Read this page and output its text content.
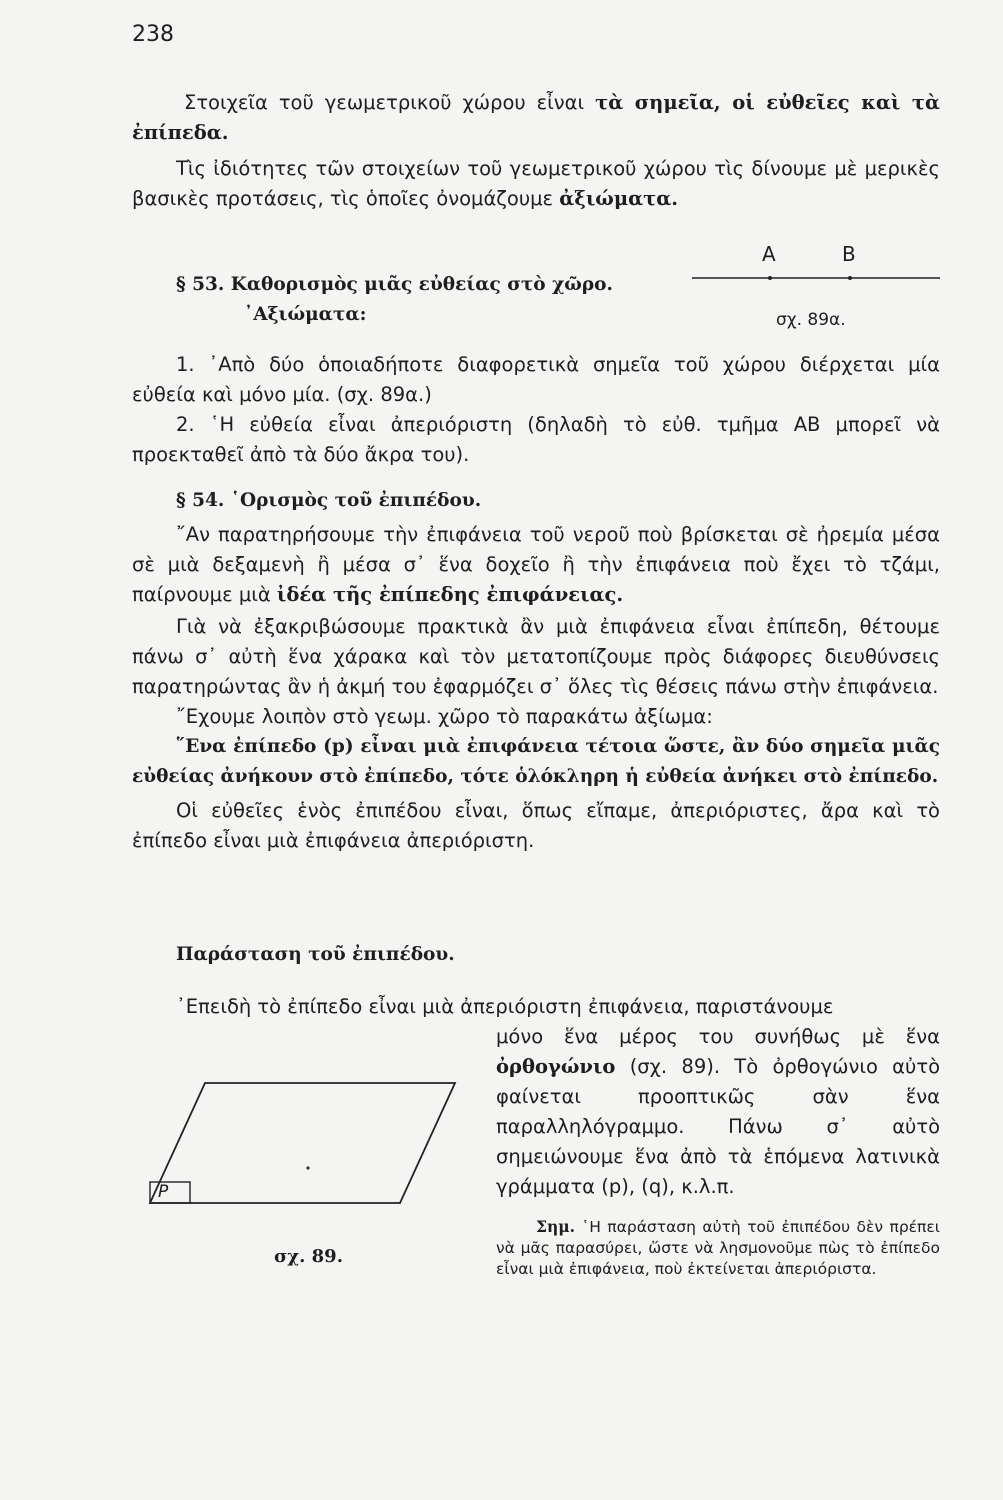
238

Στοιχεῖα τοῦ γεωμετρικοῦ χώρου εἶναι τὰ σημεῖα, οἱ εὐθεῖες καὶ τὰ ἐπίπεδα.

Τὶς ἰδιότητες τῶν στοιχείων τοῦ γεωμετρικοῦ χώρου τὶς δίνουμε μὲ μερικὲς βασικὲς προτάσεις, τὶς ὁποῖες ὀνομάζουμε ἀξιώματα.

A	B
σχ. 89α.

§ 53. Καθορισμὸς μιᾶς εὐθείας στὸ χῶρο.

᾿Αξιώματα:

1. ᾿Απὸ δύο ὁποιαδήποτε διαφορετικὰ σημεῖα τοῦ χώρου διέρχεται μία εὐθεία καὶ μόνο μία. (σχ. 89α.)

2. ῾Η εὐθεία εἶναι ἀπεριόριστη (δηλαδὴ τὸ εὐθ. τμῆμα AB μπορεῖ νὰ προεκταθεῖ ἀπὸ τὰ δύο ἄκρα του).

§ 54. ῾Ορισμὸς τοῦ ἐπιπέδου.

῎Αν παρατηρήσουμε τὴν ἐπιφάνεια τοῦ νεροῦ ποὺ βρίσκεται σὲ ἠρεμία μέσα σὲ μιὰ δεξαμενὴ ἢ μέσα σ᾿ ἕνα δοχεῖο ἢ τὴν ἐπιφάνεια ποὺ ἔχει τὸ τζάμι, παίρνουμε μιὰ ἰδέα τῆς ἐπίπεδης ἐπιφάνειας.

Γιὰ νὰ ἐξακριβώσουμε πρακτικὰ ἂν μιὰ ἐπιφάνεια εἶναι ἐπίπεδη, θέτουμε πάνω σ᾿ αὐτὴ ἕνα χάρακα καὶ τὸν μετατοπίζουμε πρὸς διάφορες διευθύνσεις παρατηρώντας ἂν ἡ ἀκμή του ἐφαρμόζει σ᾿ ὅλες τὶς θέσεις πάνω στὴν ἐπιφάνεια.

῎Εχουμε λοιπὸν στὸ γεωμ. χῶρο τὸ παρακάτω ἀξίωμα:

῞Ενα ἐπίπεδο (p) εἶναι μιὰ ἐπιφάνεια τέτοια ὥστε, ἂν δύο σημεῖα μιᾶς εὐθείας ἀνήκουν στὸ ἐπίπεδο, τότε ὁλόκληρη ἡ εὐθεία ἀνήκει στὸ ἐπίπεδο.

Οἱ εὐθεῖες ἑνὸς ἐπιπέδου εἶναι, ὅπως εἴπαμε, ἀπεριόριστες, ἄρα καὶ τὸ ἐπίπεδο εἶναι μιὰ ἐπιφάνεια ἀπεριόριστη.

Παράσταση τοῦ ἐπιπέδου.

᾿Επειδὴ τὸ ἐπίπεδο εἶναι μιὰ ἀπεριόριστη ἐπιφάνεια, παριστάνουμε

μόνο ἕνα μέρος του συνήθως μὲ ἕνα ὀρθογώνιο (σχ. 89). Τὸ ὀρθογώνιο αὐτὸ φαίνεται προοπτικῶς σὰν ἕνα παραλληλόγραμμο. Πάνω σ᾿ αὐτὸ σημειώνουμε ἕνα ἀπὸ τὰ ἑπόμενα λατινικὰ γράμματα (p), (q), κ.λ.π.

Σημ. ῾Η παράσταση αὐτὴ τοῦ ἐπιπέδου δὲν πρέπει νὰ μᾶς παρασύρει, ὥστε νὰ λησμονοῦμε πὼς τὸ ἐπίπεδο εἶναι μιὰ ἐπιφάνεια, ποὺ ἐκτείνεται ἀπεριόριστα.

P
σχ. 89.
